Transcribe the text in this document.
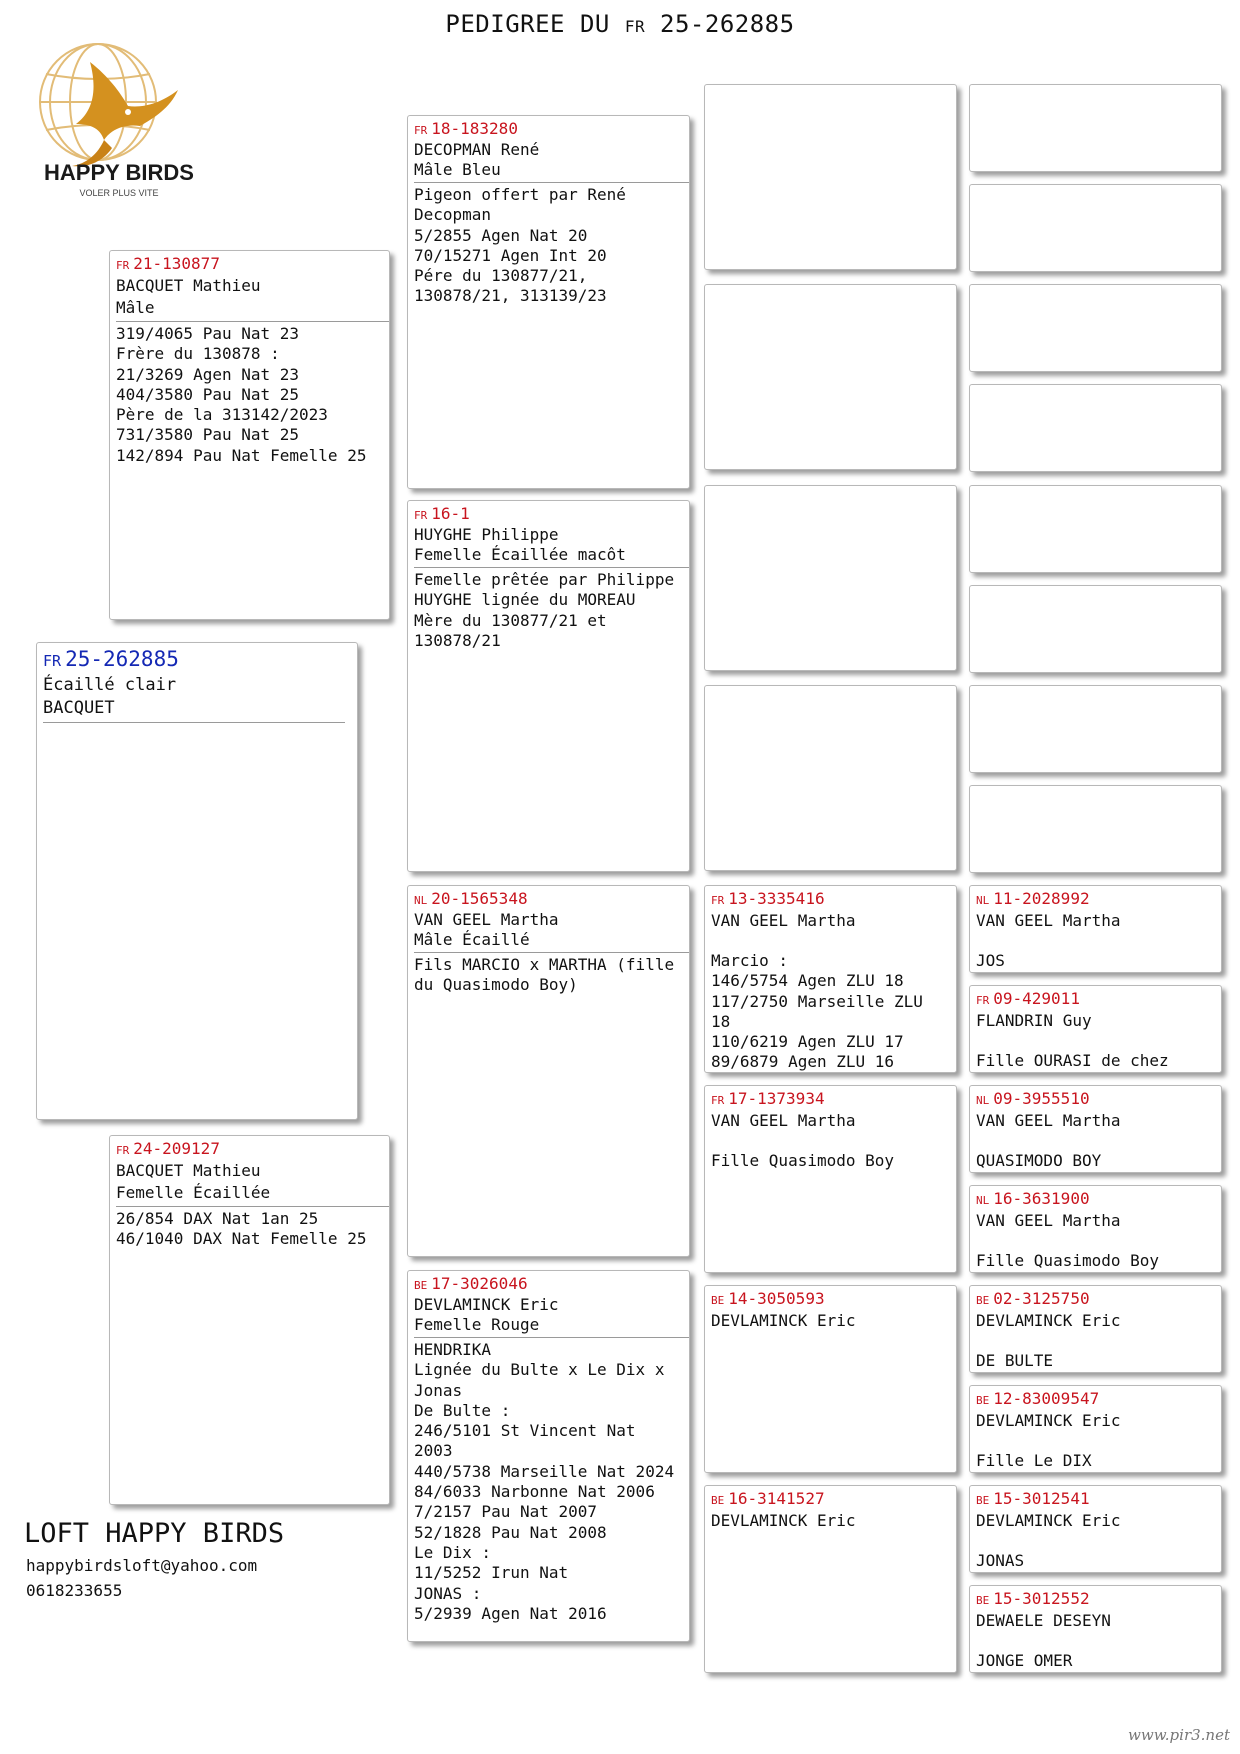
PEDIGREE DU FR 25-262885
HAPPY BIRDS
VOLER PLUS VITE
FR 25-262885
Écaillé clair
BACQUET
FR 21-130877
BACQUET Mathieu
Mâle
319/4065 Pau Nat 23
Frère du 130878 :
21/3269 Agen Nat 23
404/3580 Pau Nat 25
Père de la 313142/2023
731/3580 Pau Nat 25
142/894 Pau Nat Femelle 25
FR 24-209127
BACQUET Mathieu
Femelle Écaillée
26/854 DAX Nat 1an 25
46/1040 DAX Nat Femelle 25
FR 18-183280
DECOPMAN René
Mâle Bleu
Pigeon offert par René Decopman
5/2855 Agen Nat 20
70/15271 Agen Int 20
Pére du 130877/21, 130878/21, 313139/23
FR 16-1
HUYGHE Philippe
Femelle Écaillée macôt
Femelle prêtée par Philippe HUYGHE lignée du MOREAU
Mère du 130877/21 et 130878/21
NL 20-1565348
VAN GEEL Martha
Mâle Écaillé
Fils MARCIO x MARTHA (fille du Quasimodo Boy)
BE 17-3026046
DEVLAMINCK Eric
Femelle Rouge
HENDRIKA
Lignée du Bulte x Le Dix x Jonas
De Bulte :
246/5101 St Vincent Nat 2003
440/5738 Marseille Nat 2024
84/6033 Narbonne Nat 2006
7/2157 Pau Nat 2007
52/1828 Pau Nat 2008
Le Dix :
11/5252 Irun Nat
JONAS :
5/2939 Agen Nat 2016
FR 13-3335416
VAN GEEL Martha
Marcio :
146/5754 Agen ZLU 18
117/2750 Marseille ZLU 18
110/6219 Agen ZLU 17
89/6879 Agen ZLU 16
FR 17-1373934
VAN GEEL Martha
Fille Quasimodo Boy
BE 14-3050593
DEVLAMINCK Eric
BE 16-3141527
DEVLAMINCK Eric
NL 11-2028992
VAN GEEL Martha
JOS
FR 09-429011
FLANDRIN Guy
Fille OURASI de chez
NL 09-3955510
VAN GEEL Martha
QUASIMODO BOY
NL 16-3631900
VAN GEEL Martha
Fille Quasimodo Boy
BE 02-3125750
DEVLAMINCK Eric
DE BULTE
BE 12-83009547
DEVLAMINCK Eric
Fille Le DIX
BE 15-3012541
DEVLAMINCK Eric
JONAS
BE 15-3012552
DEWAELE DESEYN
JONGE OMER
LOFT HAPPY BIRDS
happybirdsloft@yahoo.com
0618233655
www.pir3.net
